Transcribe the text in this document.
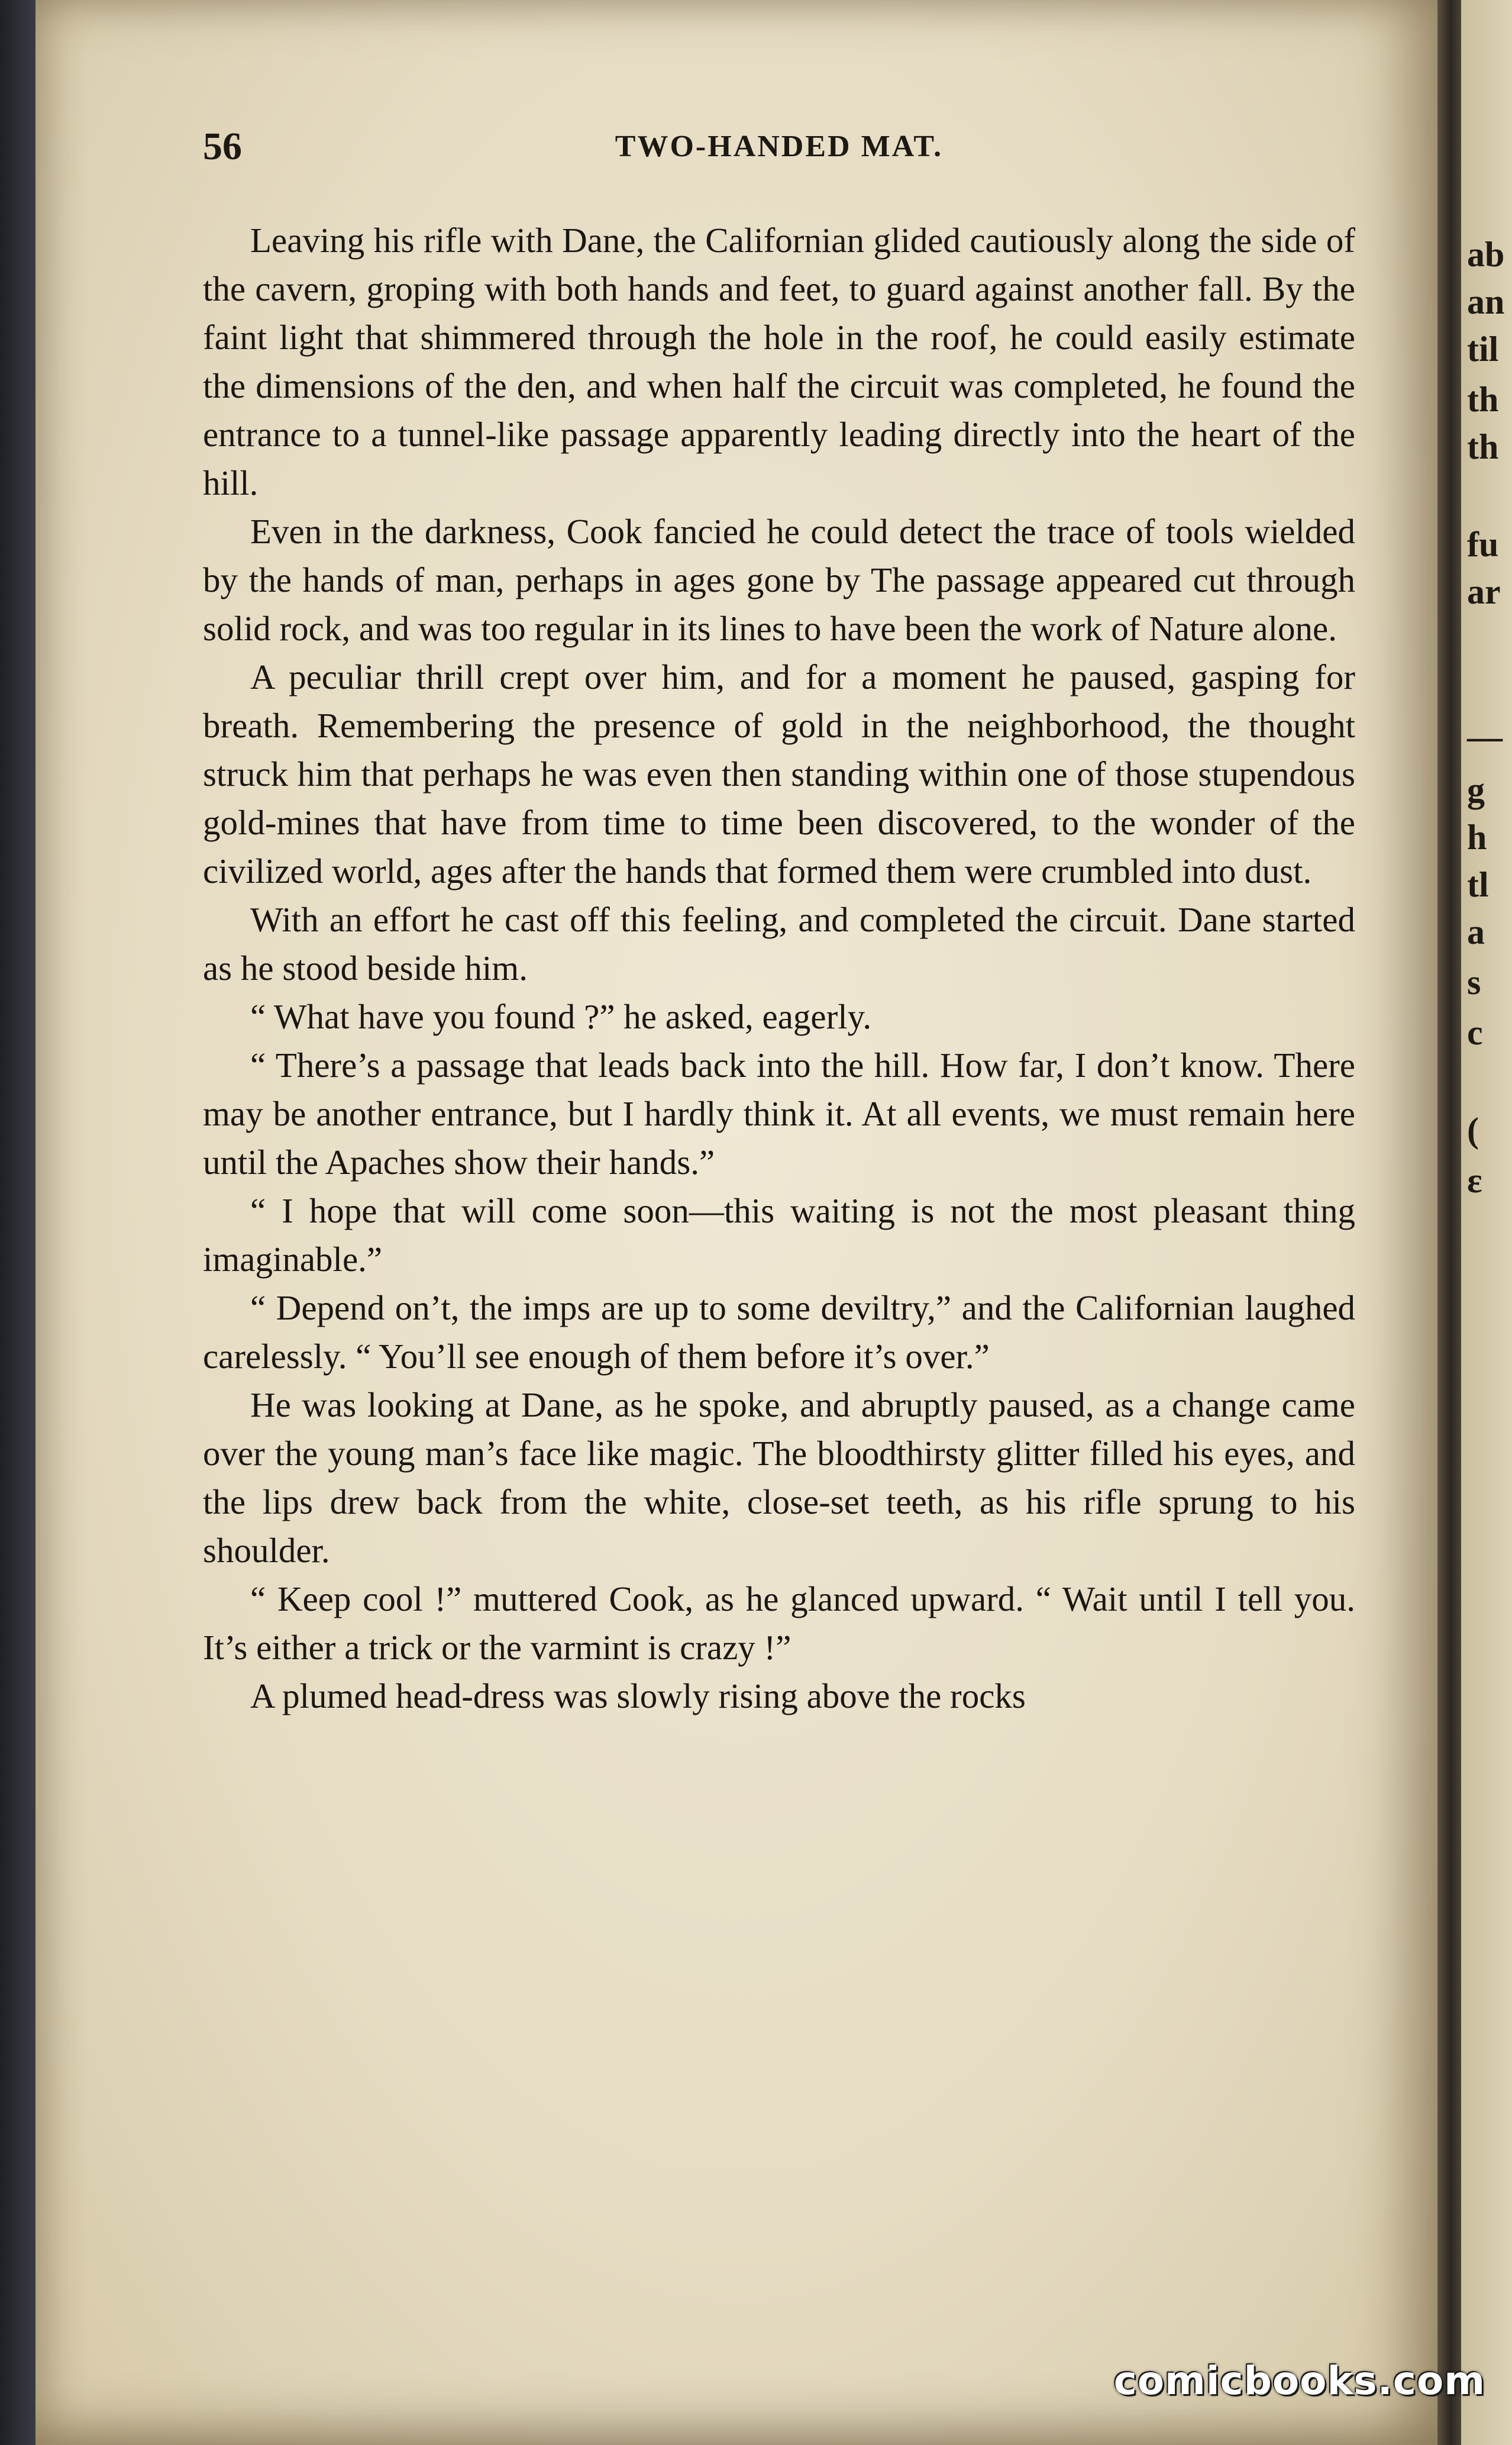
56	TWO-HANDED MAT.

Leaving his rifle with Dane, the Californian glided cautiously along the side of the cavern, groping with both hands and feet, to guard against another fall. By the faint light that shimmered through the hole in the roof, he could easily estimate the dimensions of the den, and when half the circuit was completed, he found the entrance to a tunnel-like passage apparently leading directly into the heart of the hill.

Even in the darkness, Cook fancied he could detect the trace of tools wielded by the hands of man, perhaps in ages gone by The passage appeared cut through solid rock, and was too regular in its lines to have been the work of Nature alone.

A peculiar thrill crept over him, and for a moment he paused, gasping for breath. Remembering the presence of gold in the neighborhood, the thought struck him that perhaps he was even then standing within one of those stupendous gold-mines that have from time to time been discovered, to the wonder of the civilized world, ages after the hands that formed them were crumbled into dust.

With an effort he cast off this feeling, and completed the circuit. Dane started as he stood beside him.

“ What have you found ?” he asked, eagerly.

“ There’s a passage that leads back into the hill. How far, I don’t know. There may be another entrance, but I hardly think it. At all events, we must remain here until the Apaches show their hands.”

“ I hope that will come soon—this waiting is not the most pleasant thing imaginable.”

“ Depend on’t, the imps are up to some deviltry,” and the Californian laughed carelessly. “ You’ll see enough of them before it’s over.”

He was looking at Dane, as he spoke, and abruptly paused, as a change came over the young man’s face like magic. The bloodthirsty glitter filled his eyes, and the lips drew back from the white, close-set teeth, as his rifle sprung to his shoulder.

“ Keep cool !” muttered Cook, as he glanced upward. “ Wait until I tell you. It’s either a trick or the varmint is crazy !”

A plumed head-dress was slowly rising above the rocks

ab
an
til
th
th
fu
ar
—
g
h
tl
a
s
c
(
ε
comicbooks.com
